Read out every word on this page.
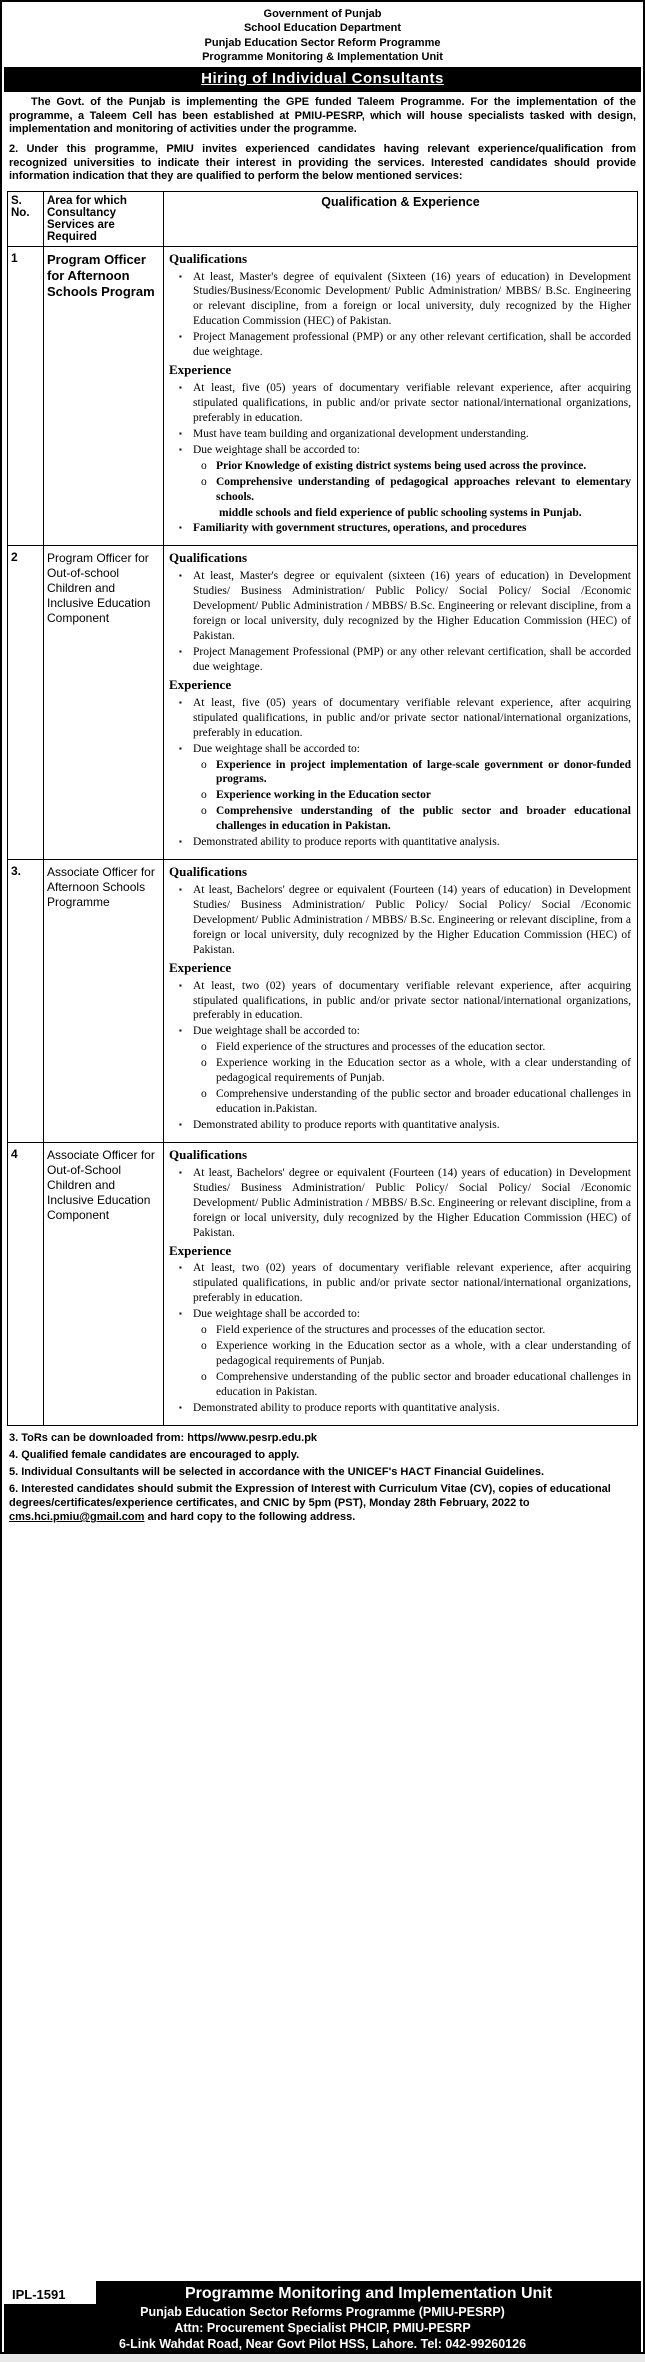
Government of Punjab
School Education Department
Punjab Education Sector Reform Programme
Programme Monitoring & Implementation Unit
Hiring of Individual Consultants

The Govt. of the Punjab is implementing the GPE funded Taleem Programme. For the implementation of the programme, a Taleem Cell has been established at PMIU-PESRP, which will house specialists tasked with design, implementation and monitoring of activities under the programme.

2. Under this programme, PMIU invites experienced candidates having relevant experience/qualification from recognized universities to indicate their interest in providing the services. Interested candidates should provide information indication that they are qualified to perform the below mentioned services:

S. No.	Area for which Consultancy Services are Required	Qualification & Experience
1	Program Officer for Afternoon Schools Program	
Qualifications
▪ At least, Master's degree of equivalent (Sixteen (16) years of education) in Development Studies/Business/Economic Development/ Public Administration/ MBBS/ B.Sc. Engineering or relevant discipline, from a foreign or local university, duly recognized by the Higher Education Commission (HEC) of Pakistan.
▪ Project Management professional (PMP) or any other relevant certification, shall be accorded due weightage.
Experience
▪ At least, five (05) years of documentary verifiable relevant experience, after acquiring stipulated qualifications, in public and/or private sector national/international organizations, preferably in education.
▪ Must have team building and organizational development understanding.
▪ Due weightage shall be accorded to:
o Prior Knowledge of existing district systems being used across the province.
o Comprehensive understanding of pedagogical approaches relevant to elementary schools.
middle schools and field experience of public schooling systems in Punjab.
▪ Familiarity with government structures, operations, and procedures

2	Program Officer for Out-of-school Children and Inclusive Education Component	
Qualifications
▪ At least, Master's degree or equivalent (sixteen (16) years of education) in Development Studies/ Business Administration/ Public Policy/ Social Policy/ Social /Economic Development/ Public Administration / MBBS/ B.Sc. Engineering or relevant discipline, from a foreign or local university, duly recognized by the Higher Education Commission (HEC) of Pakistan.
▪ Project Management Professional (PMP) or any other relevant certification, shall be accorded due weightage.
Experience
▪ At least, five (05) years of documentary verifiable relevant experience, after acquiring stipulated qualifications, in public and/or private sector national/international organizations, preferably in education.
▪ Due weightage shall be accorded to:
o Experience in project implementation of large-scale government or donor-funded programs.
o Experience working in the Education sector
o Comprehensive understanding of the public sector and broader educational challenges in education in Pakistan.
▪ Demonstrated ability to produce reports with quantitative analysis.

3.	Associate Officer for Afternoon Schools Programme	
Qualifications
▪ At least, Bachelors' degree or equivalent (Fourteen (14) years of education) in Development Studies/ Business Administration/ Public Policy/ Social Policy/ Social /Economic Development/ Public Administration / MBBS/ B.Sc. Engineering or relevant discipline, from a foreign or local university, duly recognized by the Higher Education Commission (HEC) of Pakistan.
Experience
▪ At least, two (02) years of documentary verifiable relevant experience, after acquiring stipulated qualifications, in public and/or private sector national/international organizations, preferably in education.
▪ Due weightage shall be accorded to:
o Field experience of the structures and processes of the education sector.
o Experience working in the Education sector as a whole, with a clear understanding of pedagogical requirements of Punjab.
o Comprehensive understanding of the public sector and broader educational challenges in education in.Pakistan.
▪ Demonstrated ability to produce reports with quantitative analysis.

4	Associate Officer for Out-of-School Children and Inclusive Education Component	
Qualifications
▪ At least, Bachelors' degree or equivalent (Fourteen (14) years of education) in Development Studies/ Business Administration/ Public Policy/ Social Policy/ Social /Economic Development/ Public Administration / MBBS/ B.Sc. Engineering or relevant discipline, from a foreign or local university, duly recognized by the Higher Education Commission (HEC) of Pakistan.
Experience
▪ At least, two (02) years of documentary verifiable relevant experience, after acquiring stipulated qualifications, in public and/or private sector national/international organizations, preferably in education.
▪ Due weightage shall be accorded to:
o Field experience of the structures and processes of the education sector.
o Experience working in the Education sector as a whole, with a clear understanding of pedagogical requirements of Punjab.
o Comprehensive understanding of the public sector and broader educational challenges in education in Pakistan.
▪ Demonstrated ability to produce reports with quantitative analysis.
3. ToRs can be downloaded from: https//www.pesrp.edu.pk
4. Qualified female candidates are encouraged to apply.
5. Individual Consultants will be selected in accordance with the UNICEF's HACT Financial Guidelines.
6. Interested candidates should submit the Expression of Interest with Curriculum Vitae (CV), copies of educational degrees/certificates/experience certificates, and CNIC by 5pm (PST), Monday 28th February, 2022 to cms.hci.pmiu@gmail.com and hard copy to the following address.
IPL-1591	Programme Monitoring and Implementation Unit
Punjab Education Sector Reforms Programme (PMIU-PESRP)
Attn: Procurement Specialist PHCIP, PMIU-PESRP
6-Link Wahdat Road, Near Govt Pilot HSS, Lahore. Tel: 042-99260126
